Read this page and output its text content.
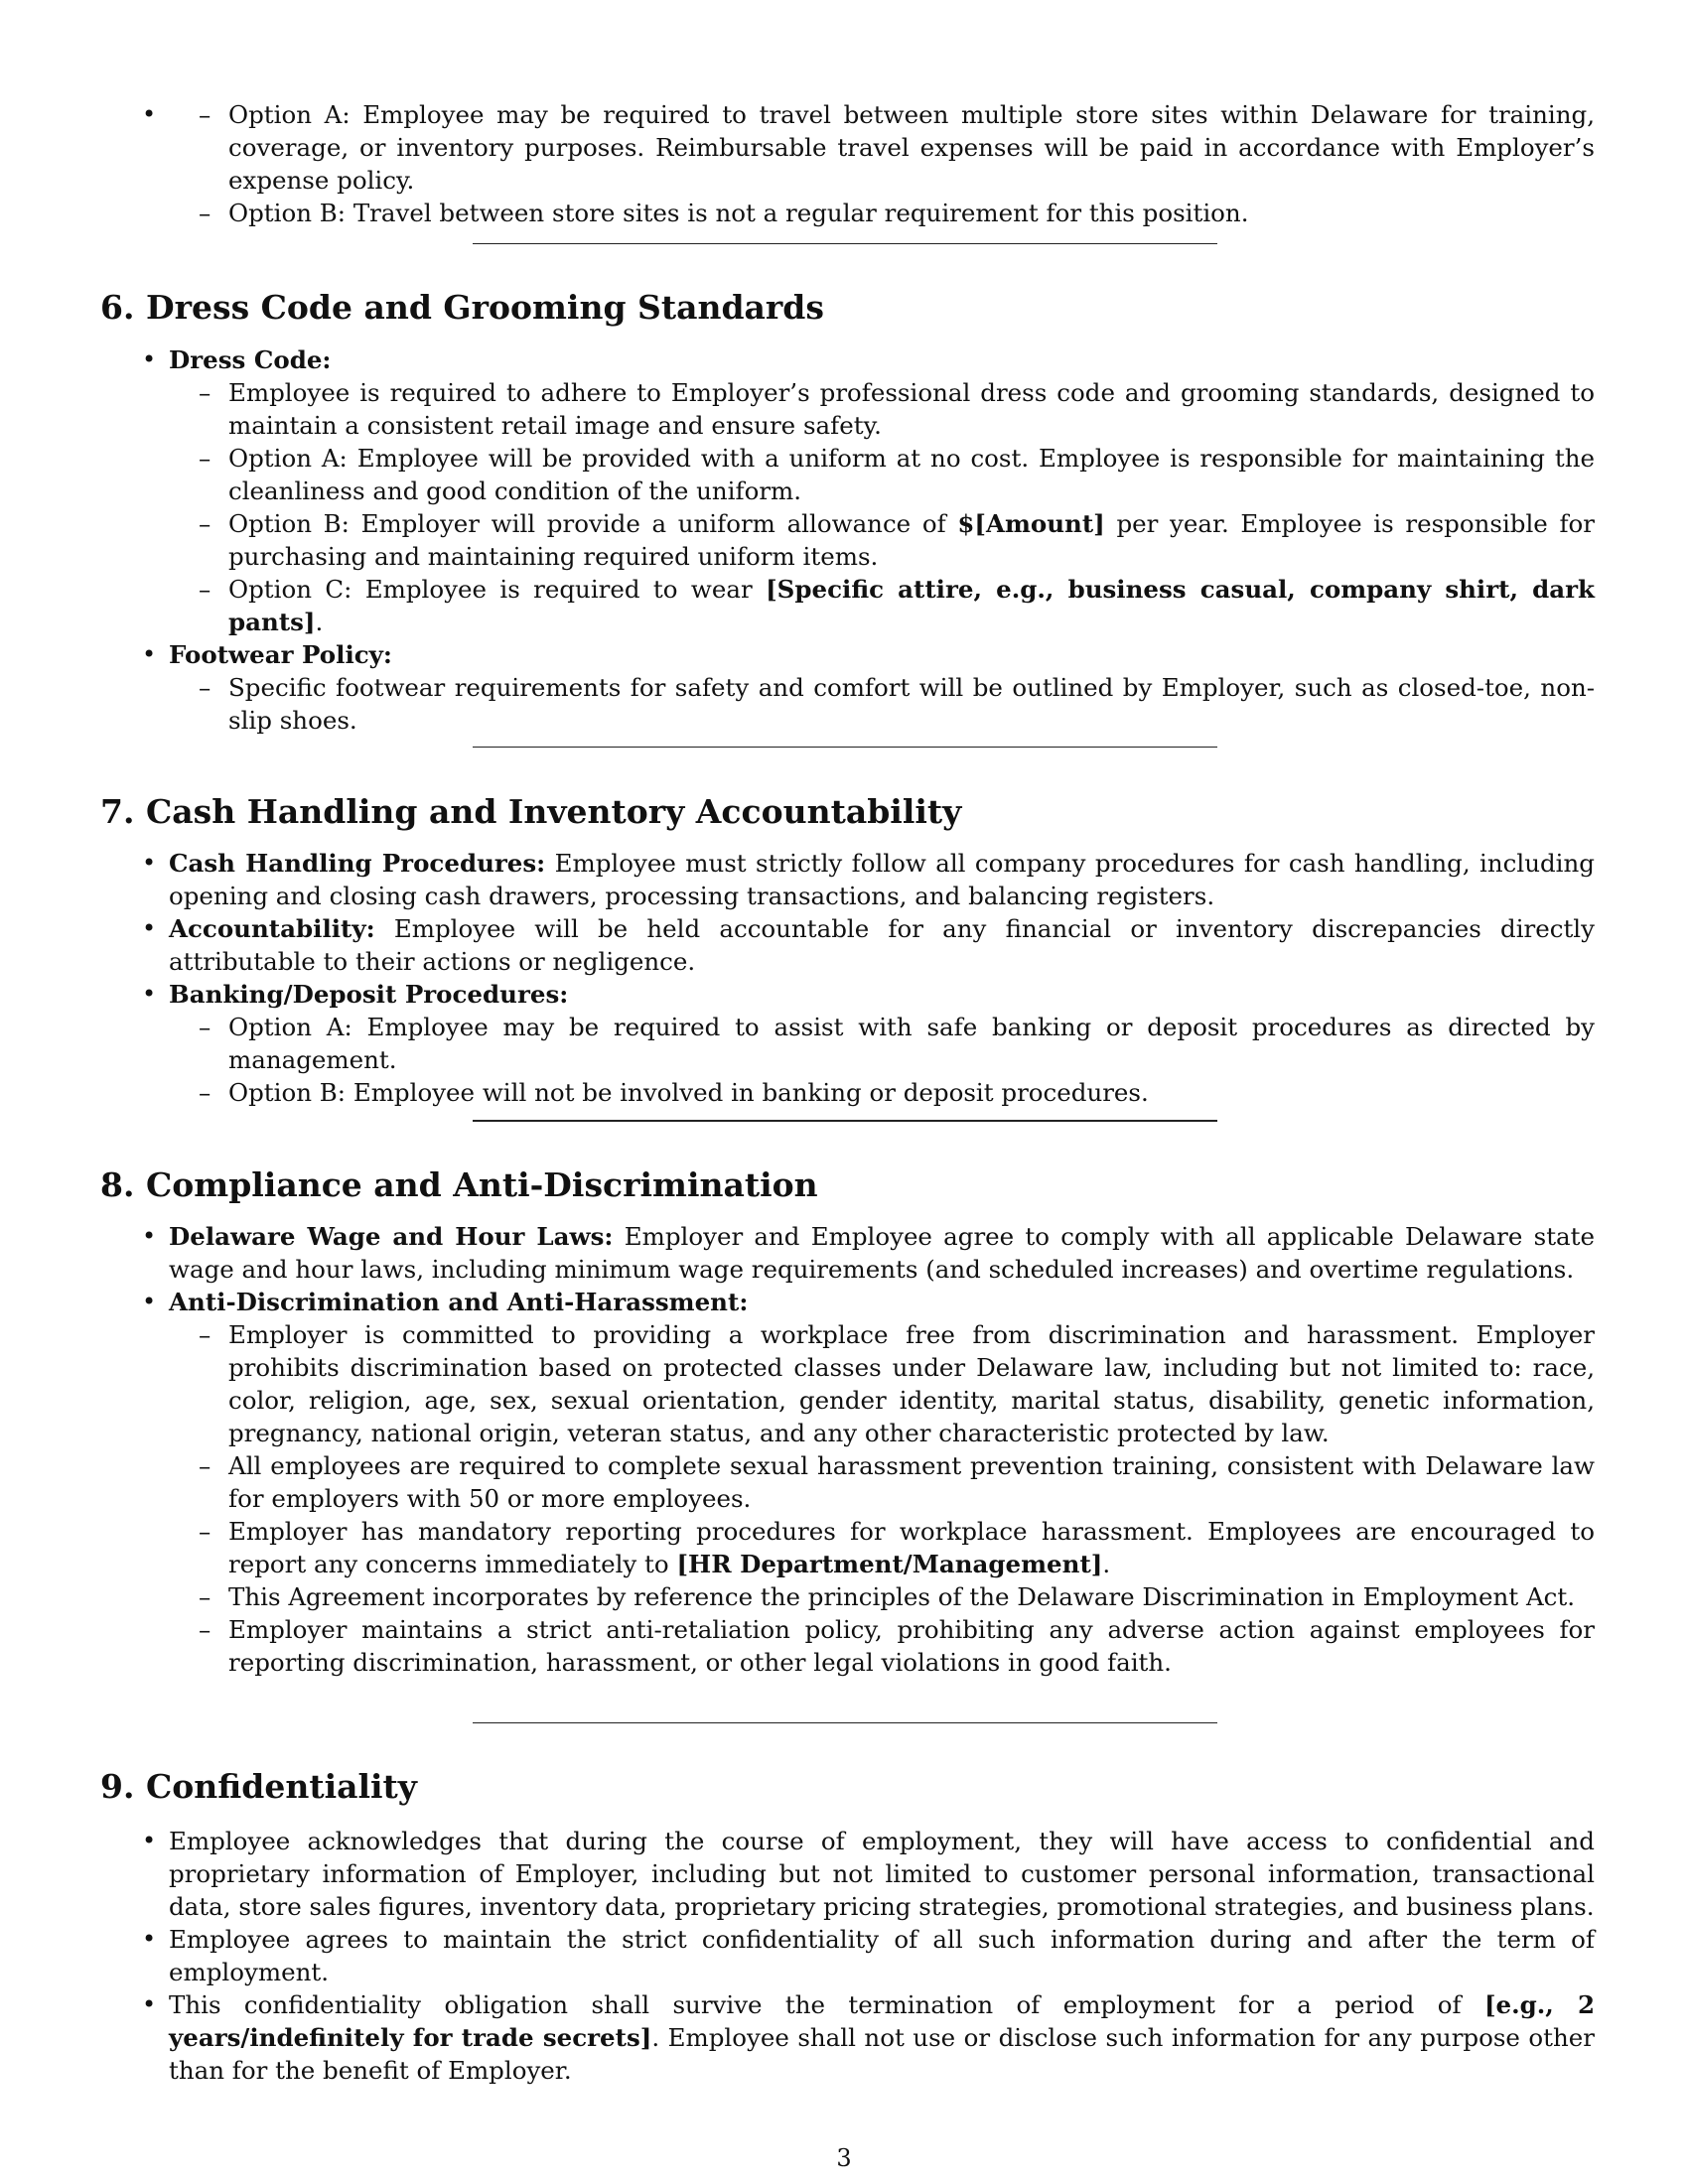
– • Option A: Employee may be required to travel between multiple store sites within Delaware for training, coverage, or inventory purposes. Reimbursable travel expenses will be paid in accordance with Employer’s expense policy.
– Option B: Travel between store sites is not a regular requirement for this position.
6. Dress Code and Grooming Standards
• Dress Code:
– Employee is required to adhere to Employer’s professional dress code and grooming standards, designed to maintain a consistent retail image and ensure safety.
– Option A: Employee will be provided with a uniform at no cost. Employee is responsible for maintaining the cleanliness and good condition of the uniform.
– Option B: Employer will provide a uniform allowance of $[Amount] per year. Employee is responsible for purchasing and maintaining required uniform items.
– Option C: Employee is required to wear [Specific attire, e.g., business casual, company shirt, dark pants].
• Footwear Policy:
– Specific footwear requirements for safety and comfort will be outlined by Employer, such as closed-toe, non-slip shoes.
7. Cash Handling and Inventory Accountability
• Cash Handling Procedures: Employee must strictly follow all company procedures for cash handling, including opening and closing cash drawers, processing transactions, and balancing registers.
• Accountability: Employee will be held accountable for any financial or inventory discrepancies directly attributable to their actions or negligence.
• Banking/Deposit Procedures:
– Option A: Employee may be required to assist with safe banking or deposit procedures as directed by management.
– Option B: Employee will not be involved in banking or deposit procedures.
8. Compliance and Anti-Discrimination
• Delaware Wage and Hour Laws: Employer and Employee agree to comply with all applicable Delaware state wage and hour laws, including minimum wage requirements (and scheduled increases) and overtime regulations.
• Anti-Discrimination and Anti-Harassment:
– Employer is committed to providing a workplace free from discrimination and harassment. Employer prohibits discrimination based on protected classes under Delaware law, including but not limited to: race, color, religion, age, sex, sexual orientation, gender identity, marital status, disability, genetic information, pregnancy, national origin, veteran status, and any other characteristic protected by law.
– All employees are required to complete sexual harassment prevention training, consistent with Delaware law for employers with 50 or more employees.
– Employer has mandatory reporting procedures for workplace harassment. Employees are encouraged to report any concerns immediately to [HR Department/Management].
– This Agreement incorporates by reference the principles of the Delaware Discrimination in Employment Act.
– Employer maintains a strict anti-retaliation policy, prohibiting any adverse action against employees for reporting discrimination, harassment, or other legal violations in good faith.
9. Confidentiality
• Employee acknowledges that during the course of employment, they will have access to confidential and proprietary information of Employer, including but not limited to customer personal information, transactional data, store sales figures, inventory data, proprietary pricing strategies, promotional strategies, and business plans.
• Employee agrees to maintain the strict confidentiality of all such information during and after the term of employment.
• This confidentiality obligation shall survive the termination of employment for a period of [e.g., 2 years/indefinitely for trade secrets]. Employee shall not use or disclose such information for any purpose other than for the benefit of Employer.
3
